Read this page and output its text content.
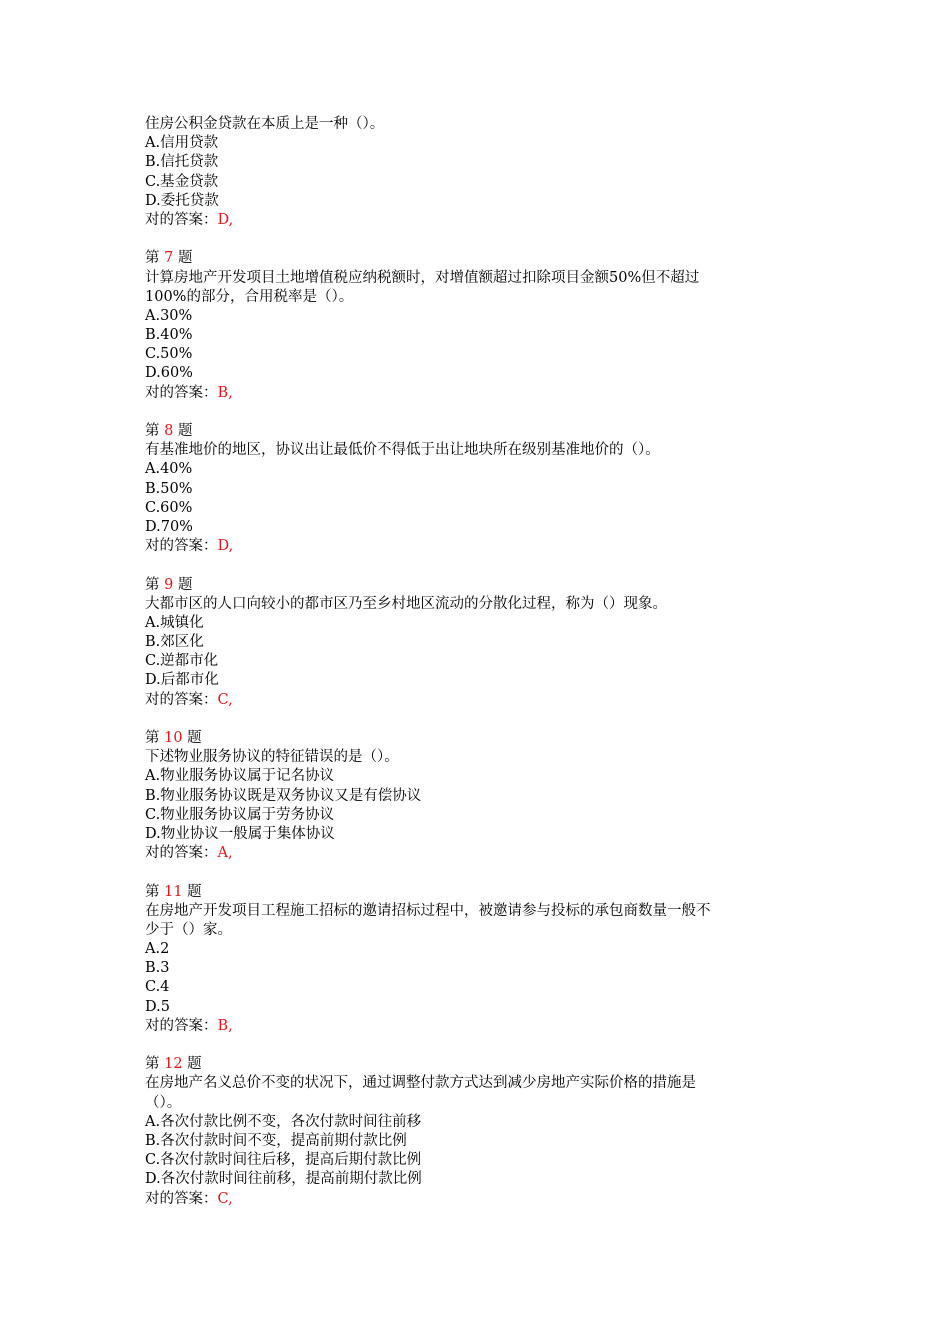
住房公积金贷款在本质上是一种（）。
A.信用贷款
B.信托贷款
C.基金贷款
D.委托贷款
对的答案：D,
第 7 题
计算房地产开发项目土地增值税应纳税额时，对增值额超过扣除项目金额50%但不超过
100%的部分，合用税率是（）。
A.30%
B.40%
C.50%
D.60%
对的答案：B,
第 8 题
有基准地价的地区，协议出让最低价不得低于出让地块所在级别基准地价的（）。
A.40%
B.50%
C.60%
D.70%
对的答案：D,
第 9 题
大都市区的人口向较小的都市区乃至乡村地区流动的分散化过程，称为（）现象。
A.城镇化
B.郊区化
C.逆都市化
D.后都市化
对的答案：C,
第 10 题
下述物业服务协议的特征错误的是（）。
A.物业服务协议属于记名协议
B.物业服务协议既是双务协议又是有偿协议
C.物业服务协议属于劳务协议
D.物业协议一般属于集体协议
对的答案：A,
第 11 题
在房地产开发项目工程施工招标的邀请招标过程中，被邀请参与投标的承包商数量一般不
少于（）家。
A.2
B.3
C.4
D.5
对的答案：B,
第 12 题
在房地产名义总价不变的状况下，通过调整付款方式达到减少房地产实际价格的措施是
（）。
A.各次付款比例不变，各次付款时间往前移
B.各次付款时间不变，提高前期付款比例
C.各次付款时间往后移，提高后期付款比例
D.各次付款时间往前移，提高前期付款比例
对的答案：C,
